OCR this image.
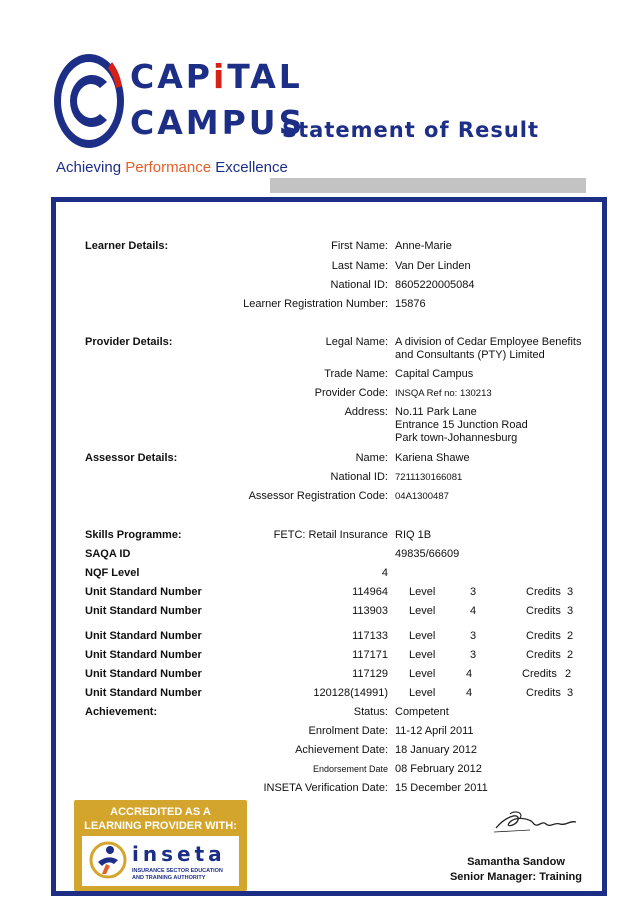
CAPiTAL
CAMPUS
Achieving Performance Excellence
Statement of Result
Learner Details:	First Name: Anne-Marie
Last Name: Van Der Linden
National ID: 8605220005084
Learner Registration Number: 15876
Provider Details:	Legal Name: A division of Cedar Employee Benefits and Consultants (PTY) Limited
Trade Name: Capital Campus
Provider Code: INSQA Ref no: 130213
Address: No.11 Park Lane
Entrance 15 Junction Road
Park town-Johannesburg
Assessor Details:	Name: Kariena Shawe
National ID: 7211130166081
Assessor Registration Code: 04A1300487
Skills Programme:	FETC: Retail Insurance RIQ 1B
SAQA ID	49835/66609
NQF Level	4
Unit Standard Number	114964 Level	3	Credits 3
Unit Standard Number	113903 Level	4	Credits 3
Unit Standard Number	117133 Level	3	Credits 2
Unit Standard Number	117171 Level	3	Credits 2
Unit Standard Number	117129 Level	4	Credits 2
Unit Standard Number	120128(14991) Level	4	Credits 3
Achievement:	Status: Competent
Enrolment Date: 11-12 April 2011
Achievement Date: 18 January 2012
Endorsement Date 08 February 2012
INSETA Verification Date: 15 December 2011
ACCREDITED AS A
LEARNING PROVIDER WITH:
inseta
INSURANCE SECTOR EDUCATION
AND TRAINING AUTHORITY
Samantha Sandow
Senior Manager: Training
